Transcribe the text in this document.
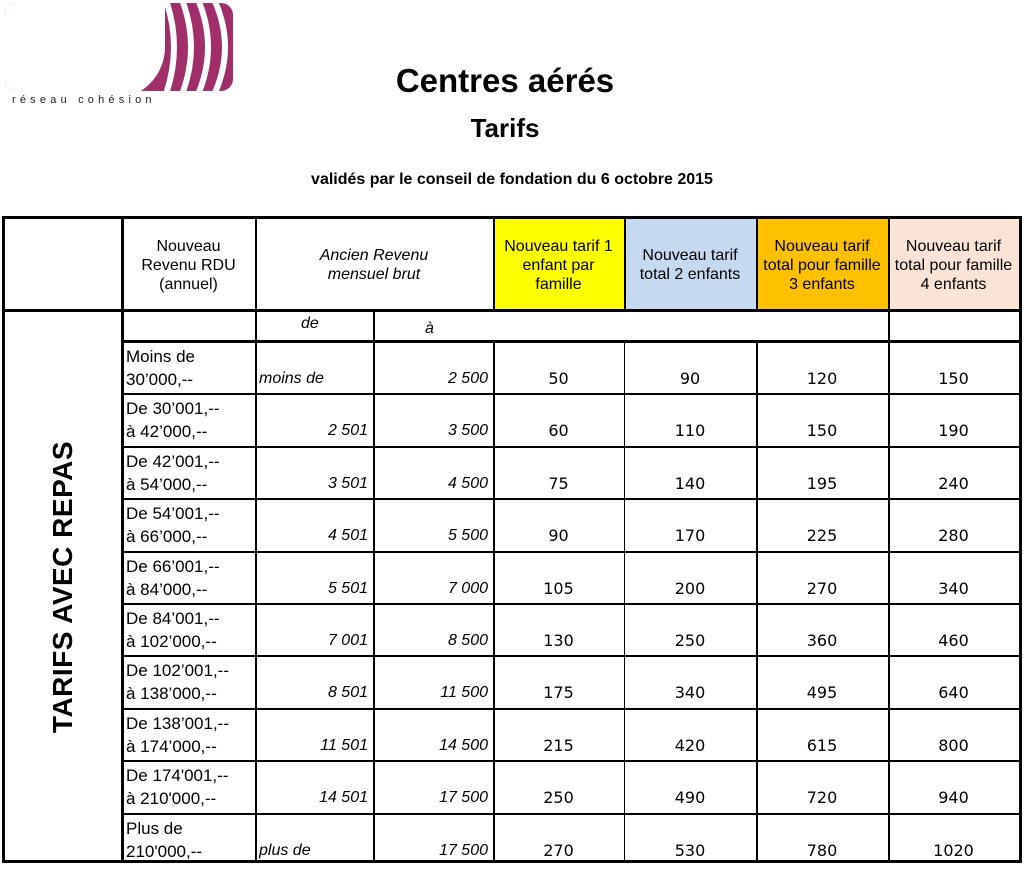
fase
réseau cohésion
Centres aérés
Tarifs
validés par le conseil de fondation du 6 octobre 2015
Nouveau Revenu RDU (annuel)
Ancien Revenu mensuel brut
Nouveau tarif 1 enfant par famille
Nouveau tarif total 2 enfants
Nouveau tarif total pour famille 3 enfants
Nouveau tarif total pour famille 4 enfants
de	à
TARIFS AVEC REPAS
Moins de
30’000,--	moins de	2 500	50	90	120	150
De 30’001,--
à 42’000,--	2 501	3 500	60	110	150	190
De 42’001,--
à 54’000,--	3 501	4 500	75	140	195	240
De 54’001,--
à 66’000,--	4 501	5 500	90	170	225	280
De 66’001,--
à 84’000,--	5 501	7 000	105	200	270	340
De 84’001,--
à 102’000,--	7 001	8 500	130	250	360	460
De 102’001,--
à 138’000,--	8 501	11 500	175	340	495	640
De 138’001,--
à 174’000,--	11 501	14 500	215	420	615	800
De 174'001,--
à 210'000,--	14 501	17 500	250	490	720	940
Plus de
210'000,--	plus de	17 500	270	530	780	1020
